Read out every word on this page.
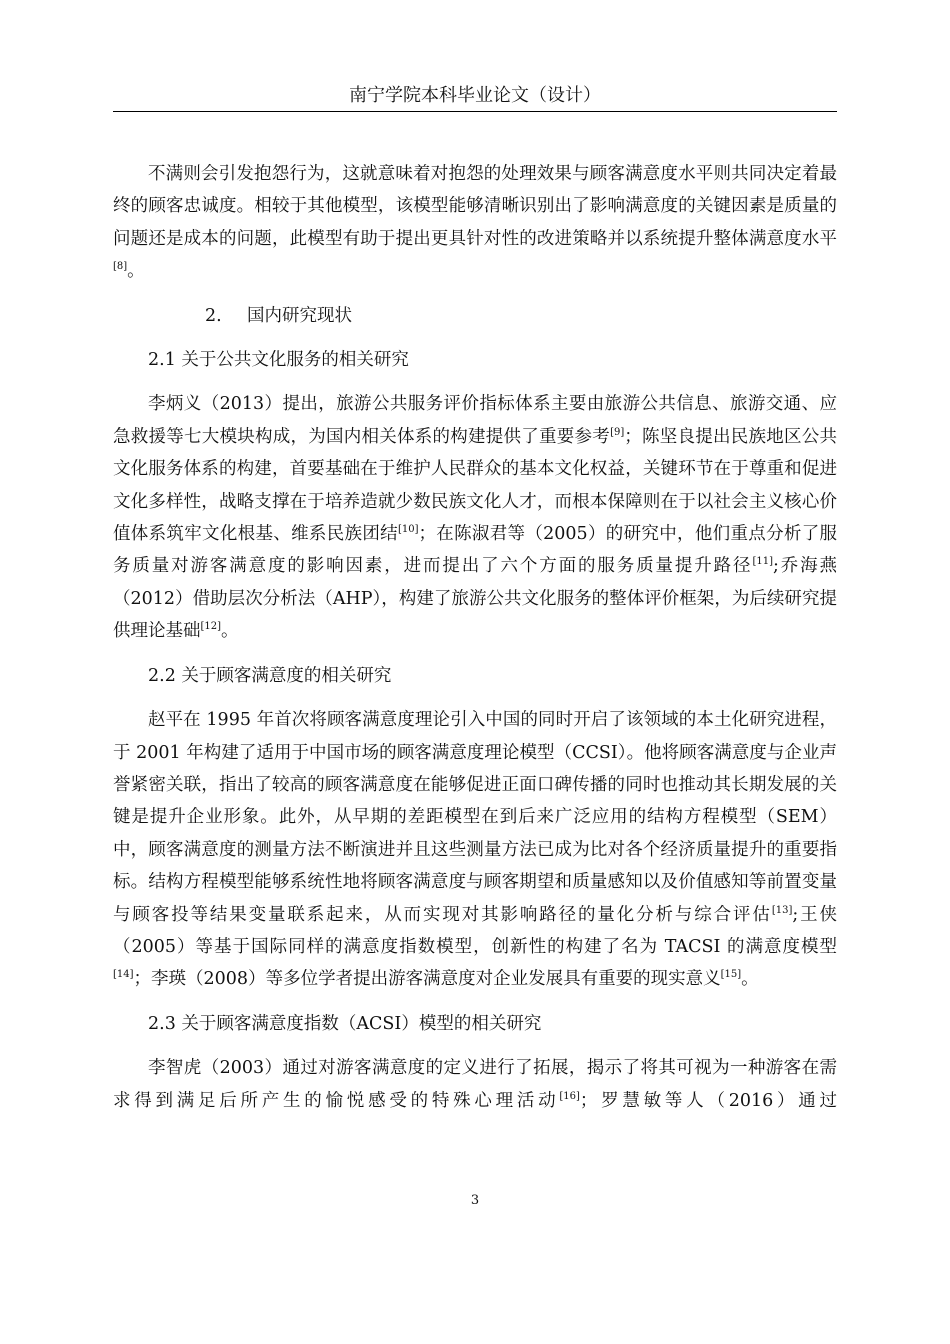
南宁学院本科毕业论文（设计）

不满则会引发抱怨行为，这就意味着对抱怨的处理效果与顾客满意度水平则共同决定着最终的顾客忠诚度。相较于其他模型，该模型能够清晰识别出了影响满意度的关键因素是质量的问题还是成本的问题，此模型有助于提出更具针对性的改进策略并以系统提升整体满意度水平[8]。

2. 国内研究现状
2.1 关于公共文化服务的相关研究

李炳义（2013）提出，旅游公共服务评价指标体系主要由旅游公共信息、旅游交通、应急救援等七大模块构成，为国内相关体系的构建提供了重要参考[9]；陈坚良提出民族地区公共文化服务体系的构建，首要基础在于维护人民群众的基本文化权益，关键环节在于尊重和促进文化多样性，战略支撑在于培养造就少数民族文化人才，而根本保障则在于以社会主义核心价值体系筑牢文化根基、维系民族团结[10]；在陈淑君等（2005）的研究中，他们重点分析了服务质量对游客满意度的影响因素，进而提出了六个方面的服务质量提升路径[11];乔海燕（2012）借助层次分析法（AHP），构建了旅游公共文化服务的整体评价框架，为后续研究提供理论基础[12]。

2.2 关于顾客满意度的相关研究

赵平在 1995 年首次将顾客满意度理论引入中国的同时开启了该领域的本土化研究进程，于 2001 年构建了适用于中国市场的顾客满意度理论模型（CCSI）。他将顾客满意度与企业声誉紧密关联，指出了较高的顾客满意度在能够促进正面口碑传播的同时也推动其长期发展的关键是提升企业形象。此外，从早期的差距模型在到后来广泛应用的结构方程模型（SEM）中，顾客满意度的测量方法不断演进并且这些测量方法已成为比对各个经济质量提升的重要指标。结构方程模型能够系统性地将顾客满意度与顾客期望和质量感知以及价值感知等前置变量与顾客投等结果变量联系起来，从而实现对其影响路径的量化分析与综合评估[13];王侠（2005）等基于国际同样的满意度指数模型，创新性的构建了名为 TACSI 的满意度模型[14]；李瑛（2008）等多位学者提出游客满意度对企业发展具有重要的现实意义[15]。

2.3 关于顾客满意度指数（ACSI）模型的相关研究

李智虎（2003）通过对游客满意度的定义进行了拓展，揭示了将其可视为一种游客在需求得到满足后所产生的愉悦感受的特殊心理活动[16]；罗慧敏等人（2016）通过

3
